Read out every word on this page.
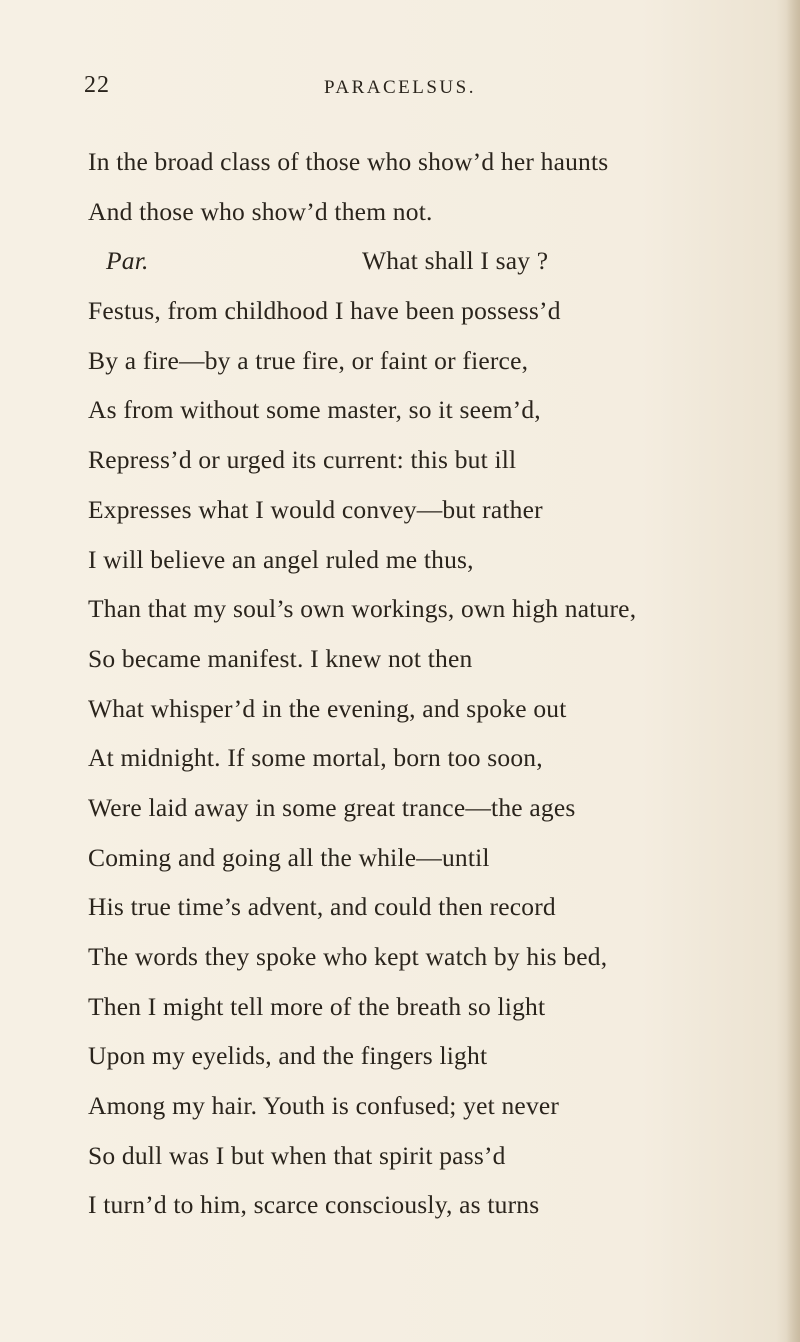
22	PARACELSUS.

In the broad class of those who show’d her haunts
And those who show’d them not.
Par.	What shall I say ?
Festus, from childhood I have been possess’d
By a fire—by a true fire, or faint or fierce,
As from without some master, so it seem’d,
Repress’d or urged its current: this but ill
Expresses what I would convey—but rather
I will believe an angel ruled me thus,
Than that my soul’s own workings, own high nature,
So became manifest. I knew not then
What whisper’d in the evening, and spoke out
At midnight. If some mortal, born too soon,
Were laid away in some great trance—the ages
Coming and going all the while—until
His true time’s advent, and could then record
The words they spoke who kept watch by his bed,
Then I might tell more of the breath so light
Upon my eyelids, and the fingers light
Among my hair. Youth is confused; yet never
So dull was I but when that spirit pass’d
I turn’d to him, scarce consciously, as turns
